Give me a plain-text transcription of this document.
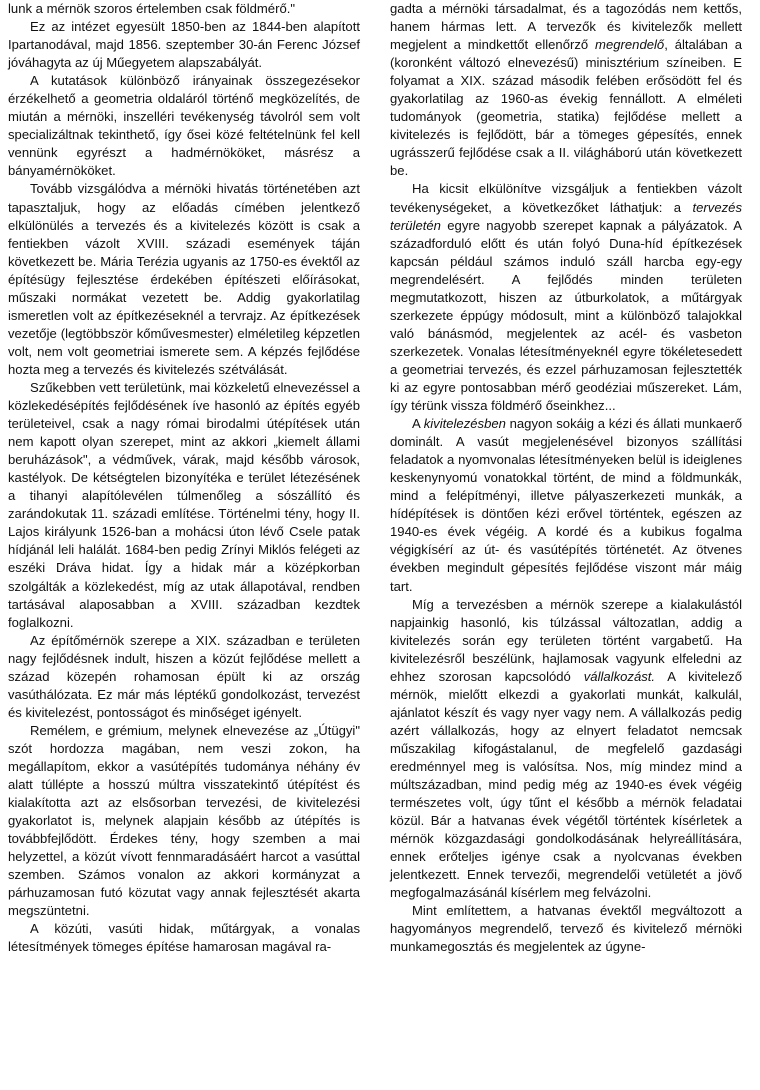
lunk a mérnök szoros értelemben csak földmérő."

Ez az intézet egyesült 1850-ben az 1844-ben alapított Ipartanodával, majd 1856. szeptember 30-án Ferenc József jóváhagyta az új Műegyetem alapszabályát.

A kutatások különböző irányainak összegezésekor érzékelhető a geometria oldaláról történő megközelítés, de miután a mérnöki, inszelléri tevékenység távolról sem volt specializáltnak tekinthető, így ősei közé feltételnünk fel kell vennünk egyrészt a hadmérnököket, másrész a bányamérnököket.

Tovább vizsgálódva a mérnöki hivatás történetében azt tapasztaljuk, hogy az előadás címében jelentkező elkülönülés a tervezés és a kivitelezés között is csak a fentiekben vázolt XVIII. századi események táján következett be. Mária Terézia ugyanis az 1750-es évektől az építésügy fejlesztése érdekében építészeti előírásokat, műszaki normákat vezetett be. Addig gyakorlatilag ismeretlen volt az építkezéseknél a tervrajz. Az építkezések vezetője (legtöbbször kőművesmester) elméletileg képzetlen volt, nem volt geometriai ismerete sem. A képzés fejlődése hozta meg a tervezés és kivitelezés szétválását.

Szűkebben vett területünk, mai közkeletű elnevezéssel a közlekedésépítés fejlődésének íve hasonló az építés egyéb területeivel, csak a nagy római birodalmi útépítések után nem kapott olyan szerepet, mint az akkori „kiemelt állami beruházások", a védművek, várak, majd később városok, kastélyok. De kétségtelen bizonyítéka e terület létezésének a tihanyi alapítólevélen túlmenőleg a sószállító és zarándokutak 11. századi említése. Történelmi tény, hogy II. Lajos királyunk 1526-ban a mohácsi úton lévő Csele patak hídjánál leli halálát. 1684-ben pedig Zrínyi Miklós felégeti az eszéki Dráva hidat. Így a hidak már a középkorban szolgálták a közlekedést, míg az utak állapotával, rendben tartásával alaposabban a XVIII. században kezdtek foglalkozni.

Az építőmérnök szerepe a XIX. században e területen nagy fejlődésnek indult, hiszen a közút fejlődése mellett a század közepén rohamosan épült ki az ország vasúthálózata. Ez már más léptékű gondolkozást, tervezést és kivitelezést, pontosságot és minőséget igényelt.

Remélem, e grémium, melynek elnevezése az „Útügyi" szót hordozza magában, nem veszi zokon, ha megállapítom, ekkor a vasútépítés tudománya néhány év alatt túllépte a hosszú múltra visszatekintő útépítést és kialakította azt az elsősorban tervezési, de kivitelezési gyakorlatot is, melynek alapjain később az útépítés is továbbfejlődött. Érdekes tény, hogy szemben a mai helyzettel, a közút vívott fennmaradásáért harcot a vasúttal szemben. Számos vonalon az akkori kormányzat a párhuzamosan futó közutat vagy annak fejlesztését akarta megszüntetni.

A közúti, vasúti hidak, műtárgyak, a vonalas létesítmények tömeges építése hamarosan magával ra-

gadta a mérnöki társadalmat, és a tagozódás nem kettős, hanem hármas lett. A tervezők és kivitelezők mellett megjelent a mindkettőt ellenőrző megrendelő, általában a (koronként változó elnevezésű) minisztérium színeiben. E folyamat a XIX. század második felében erősödött fel és gyakorlatilag az 1960-as évekig fennállott. A elméleti tudományok (geometria, statika) fejlődése mellett a kivitelezés is fejlődött, bár a tömeges gépesítés, ennek ugrásszerű fejlődése csak a II. világháború után következett be.

Ha kicsit elkülönítve vizsgáljuk a fentiekben vázolt tevékenységeket, a következőket láthatjuk: a tervezés területén egyre nagyobb szerepet kapnak a pályázatok. A századforduló előtt és után folyó Duna-híd építkezések kapcsán például számos induló száll harcba egy-egy megrendelésért. A fejlődés minden területen megmutatkozott, hiszen az útburkolatok, a műtárgyak szerkezete éppúgy módosult, mint a különböző talajokkal való bánásmód, megjelentek az acél- és vasbeton szerkezetek. Vonalas létesítményeknél egyre tökéletesedett a geometriai tervezés, és ezzel párhuzamosan fejlesztették ki az egyre pontosabban mérő geodéziai műszereket. Lám, így térünk vissza földmérő őseinkhez...

A kivitelezésben nagyon sokáig a kézi és állati munkaerő dominált. A vasút megjelenésével bizonyos szállítási feladatok a nyomvonalas létesítményeken belül is ideiglenes keskenynyomú vonatokkal történt, de mind a földmunkák, mind a felépítményi, illetve pályaszerkezeti munkák, a hídépítések is döntően kézi erővel történtek, egészen az 1940-es évek végéig. A kordé és a kubikus fogalma végigkísérí az út- és vasútépítés történetét. Az ötvenes években megindult gépesítés fejlődése viszont már máig tart.

Míg a tervezésben a mérnök szerepe a kialakulástól napjainkig hasonló, kis túlzással változatlan, addig a kivitelezés során egy területen történt vargabetű. Ha kivitelezésről beszélünk, hajlamosak vagyunk elfeledni az ehhez szorosan kapcsolódó vállalkozást. A kivitelező mérnök, mielőtt elkezdi a gyakorlati munkát, kalkulál, ajánlatot készít és vagy nyer vagy nem. A vállalkozás pedig azért vállalkozás, hogy az elnyert feladatot nemcsak műszakilag kifogástalanul, de megfelelő gazdasági eredménnyel meg is valósítsa. Nos, míg mindez mind a múltszázadban, mind pedig még az 1940-es évek végéig természetes volt, úgy tűnt el később a mérnök feladatai közül. Bár a hatvanas évek végétől történtek kísérletek a mérnök közgazdasági gondolkodásának helyreállítására, ennek erőteljes igénye csak a nyolcvanas években jelentkezett. Ennek tervezői, megrendelői vetületét a jövő megfogalmazásánál kísérlem meg felvázolni.

Mint említettem, a hatvanas évektől megváltozott a hagyományos megrendelő, tervező és kivitelező mérnöki munkamegosztás és megjelentek az úgyne-
